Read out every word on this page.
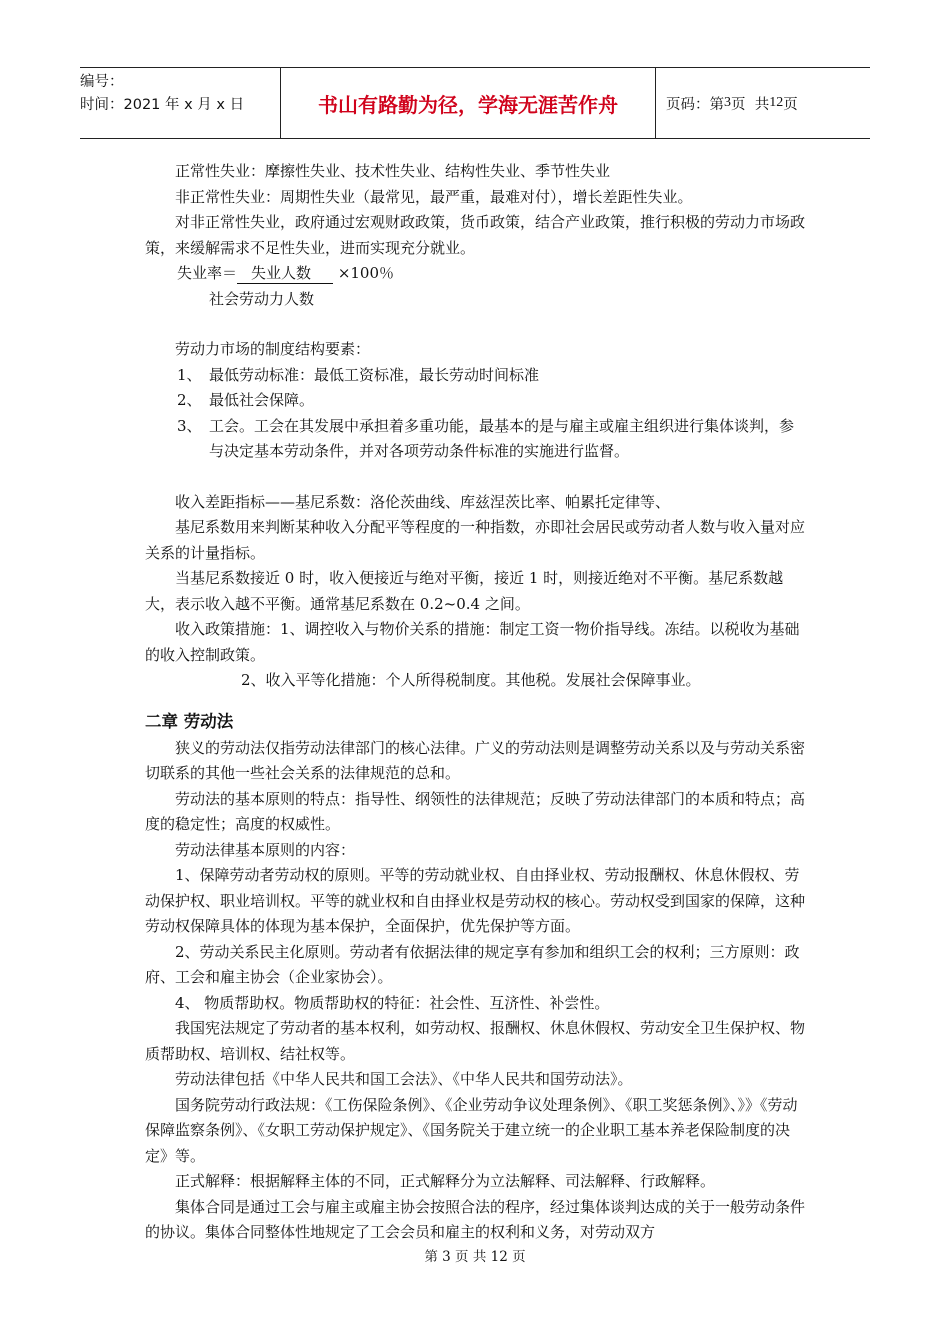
编号：
时间：2021 年 x 月 x 日	书山有路勤为径，学海无涯苦作舟	页码：第 3 页  共 12 页

正常性失业：摩擦性失业、技术性失业、结构性失业、季节性失业

非正常性失业：周期性失业（最常见，最严重，最难对付），增长差距性失业。

对非正常性失业，政府通过宏观财政政策，货币政策，结合产业政策，推行积极的劳动力市场政策，来缓解需求不足性失业，进而实现充分就业。

失业率＝ 失业人数 ×100％

社会劳动力人数

劳动力市场的制度结构要素：

1、 最低劳动标准：最低工资标准，最长劳动时间标准
2、 最低社会保障。
3、 工会。工会在其发展中承担着多重功能，最基本的是与雇主或雇主组织进行集体谈判，参与决定基本劳动条件，并对各项劳动条件标准的实施进行监督。

收入差距指标——基尼系数：洛伦茨曲线、库兹涅茨比率、帕累托定律等、

基尼系数用来判断某种收入分配平等程度的一种指数，亦即社会居民或劳动者人数与收入量对应关系的计量指标。

当基尼系数接近 0 时，收入便接近与绝对平衡，接近 1 时，则接近绝对不平衡。基尼系数越大，表示收入越不平衡。通常基尼系数在 0.2~0.4 之间。

收入政策措施：1、调控收入与物价关系的措施：制定工资一物价指导线。冻结。以税收为基础的收入控制政策。

2、收入平等化措施：个人所得税制度。其他税。发展社会保障事业。

二章 劳动法

狭义的劳动法仅指劳动法律部门的核心法律。广义的劳动法则是调整劳动关系以及与劳动关系密切联系的其他一些社会关系的法律规范的总和。

劳动法的基本原则的特点：指导性、纲领性的法律规范；反映了劳动法律部门的本质和特点；高度的稳定性；高度的权威性。

劳动法律基本原则的内容：

1、保障劳动者劳动权的原则。平等的劳动就业权、自由择业权、劳动报酬权、休息休假权、劳动保护权、职业培训权。平等的就业权和自由择业权是劳动权的核心。劳动权受到国家的保障，这种劳动权保障具体的体现为基本保护，全面保护，优先保护等方面。

2、劳动关系民主化原则。劳动者有依据法律的规定享有参加和组织工会的权利；三方原则：政府、工会和雇主协会（企业家协会）。

4、 物质帮助权。物质帮助权的特征：社会性、互济性、补尝性。

我国宪法规定了劳动者的基本权利，如劳动权、报酬权、休息休假权、劳动安全卫生保护权、物质帮助权、培训权、结社权等。

劳动法律包括《中华人民共和国工会法》、《中华人民共和国劳动法》。

国务院劳动行政法规：《工伤保险条例》、《企业劳动争议处理条例》、《职工奖惩条例》、》》《劳动保障监察条例》、《女职工劳动保护规定》、《国务院关于建立统一的企业职工基本养老保险制度的决定》等。

正式解释：根据解释主体的不同，正式解释分为立法解释、司法解释、行政解释。

集体合同是通过工会与雇主或雇主协会按照合法的程序，经过集体谈判达成的关于一般劳动条件的协议。集体合同整体性地规定了工会会员和雇主的权利和义务，对劳动双方

第 3 页 共 12 页
